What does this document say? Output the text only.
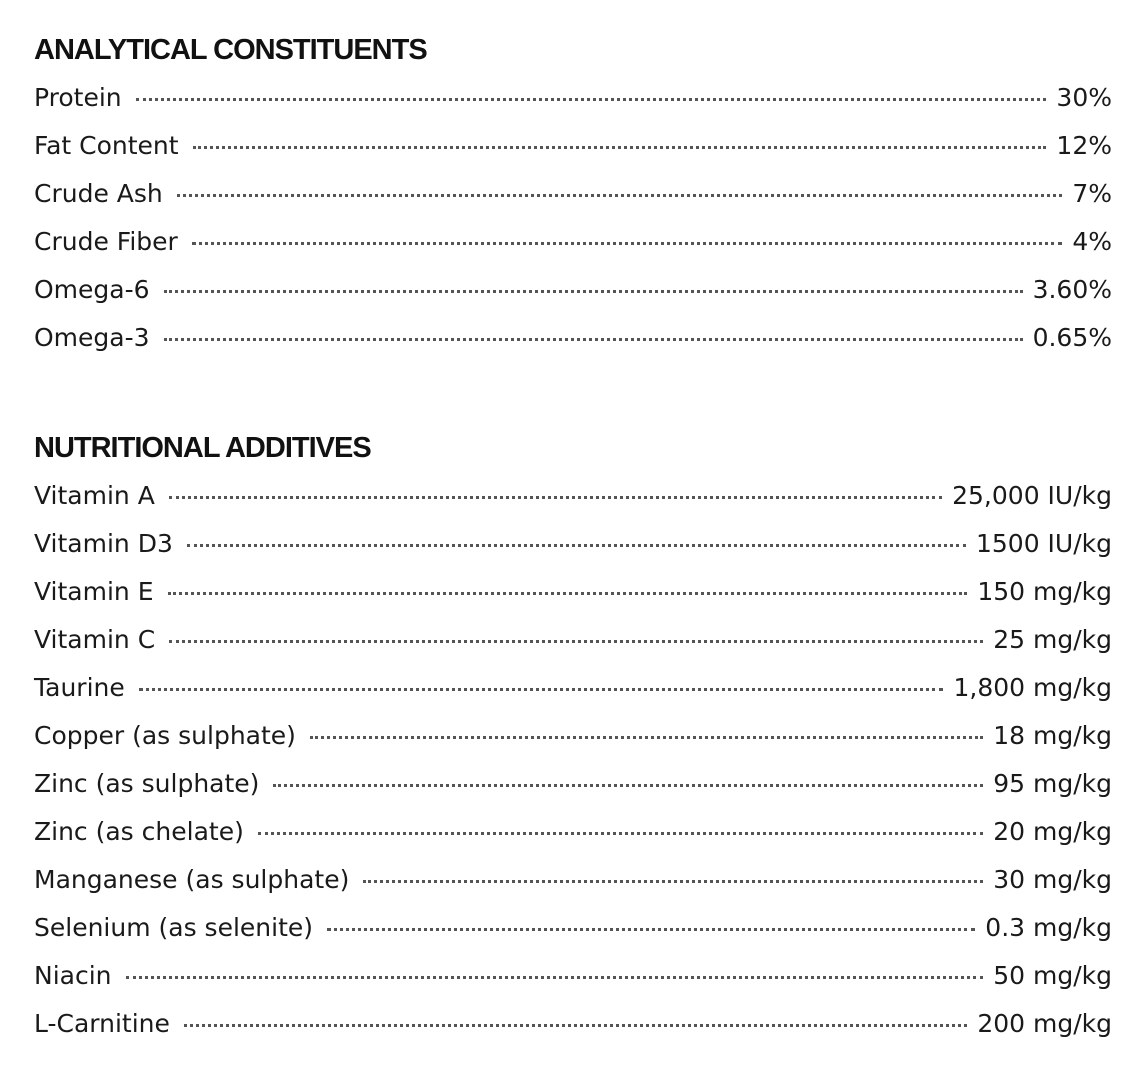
ANALYTICAL CONSTITUENTS
Protein	30%
Fat Content	12%
Crude Ash	7%
Crude Fiber	4%
Omega-6	3.60%
Omega-3	0.65%
NUTRITIONAL ADDITIVES
Vitamin A	25,000 IU/kg
Vitamin D3	1500 IU/kg
Vitamin E	150 mg/kg
Vitamin C	25 mg/kg
Taurine	1,800 mg/kg
Copper (as sulphate)	18 mg/kg
Zinc (as sulphate)	95 mg/kg
Zinc (as chelate)	20 mg/kg
Manganese (as sulphate)	30 mg/kg
Selenium (as selenite)	0.3 mg/kg
Niacin	50 mg/kg
L-Carnitine	200 mg/kg
